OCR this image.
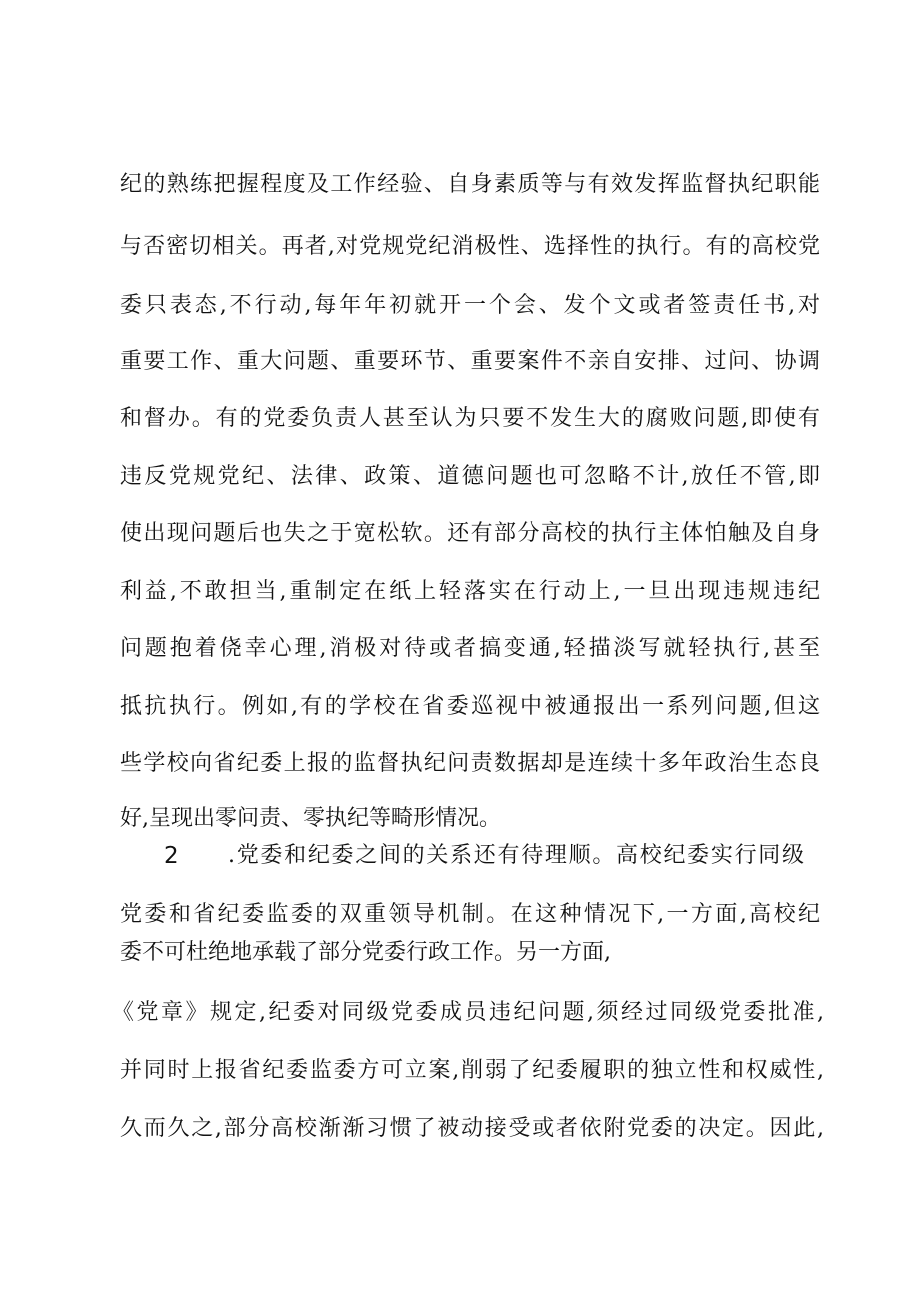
纪的熟练把握程度及工作经验、自身素质等与有效发挥监督执纪职能
与否密切相关。再者,对党规党纪消极性、选择性的执行。有的高校党
委只表态,不行动,每年年初就开一个会、发个文或者签责任书,对
重要工作、重大问题、重要环节、重要案件不亲自安排、过问、协调
和督办。有的党委负责人甚至认为只要不发生大的腐败问题,即使有
违反党规党纪、法律、政策、道德问题也可忽略不计,放任不管,即
使出现问题后也失之于宽松软。还有部分高校的执行主体怕触及自身
利益,不敢担当,重制定在纸上轻落实在行动上,一旦出现违规违纪
问题抱着侥幸心理,消极对待或者搞变通,轻描淡写就轻执行,甚至
抵抗执行。例如,有的学校在省委巡视中被通报出一系列问题,但这
些学校向省纪委上报的监督执纪问责数据却是连续十多年政治生态良
好,呈现出零问责、零执纪等畸形情况。
2 .党委和纪委之间的关系还有待理顺。高校纪委实行同级
党委和省纪委监委的双重领导机制。在这种情况下,一方面,高校纪
委不可杜绝地承载了部分党委行政工作。另一方面,
《党章》规定,纪委对同级党委成员违纪问题,须经过同级党委批准,
并同时上报省纪委监委方可立案,削弱了纪委履职的独立性和权威性,
久而久之,部分高校渐渐习惯了被动接受或者依附党委的决定。因此,
